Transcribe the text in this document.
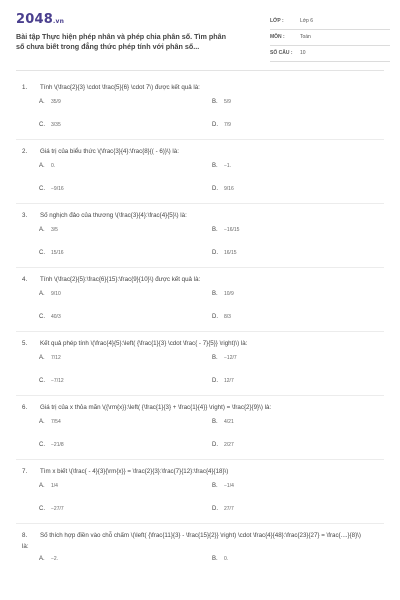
2048.vn
Bài tập Thực hiện phép nhân và phép chia phân số. Tìm phân số chưa biết trong đẳng thức phép tính với phân số...
LỚP :	Lớp 6
MÔN :	Toán
SỐ CÂU : 10
1. Tính \(\frac{2}{3} \cdot \frac{5}{6} \cdot 7\) được kết quả là:
A. 35/9	B. 5/9
C. 3/35	D. 7/9
2. Giá trị của biểu thức \(\frac{3}{4}:\frac{8}{( - 6)}\) là:
A. 0.	B. −1.
C. −9/16	D. 9/16
3. Số nghịch đảo của thương \(\frac{3}{4}:\frac{4}{5}\) là:
A. 3/5	B. −16/15
C. 15/16	D. 16/15
4. Tính \(\frac{2}{5}:\frac{6}{15}:\frac{9}{10}\) được kết quả là:
A. 9/10	B. 10/9
C. 40/3	D. 8/3
5. Kết quả phép tính \(\frac{4}{5}:\left( {\frac{1}{3} \cdot \frac{ - 7}{5}} \right)\) là:
A. 7/12	B. −12/7
C. −7/12	D. 12/7
6. Giá trị của x thỏa mãn \({\rm{x}}:\left( {\frac{1}{3} + \frac{1}{4}} \right) = \frac{2}{9}\) là:
A. 7/54	B. 4/21
C. −21/8	D. 2/27
7. Tìm x biết \(\frac{ - 4}{3}{\rm{x}} = \frac{2}{3}:\frac{7}{12}:\frac{4}{18}\)
A. 1/4	B. −1/4
C. −27/7	D. 27/7
8. Số thích hợp điền vào chỗ chấm \(\left( {\frac{11}{3} - \frac{15}{2}} \right) \cdot \frac{4}{48}:\frac{23}{27} = \frac{....}{8}\) là:
A. −2.	B. 0.
